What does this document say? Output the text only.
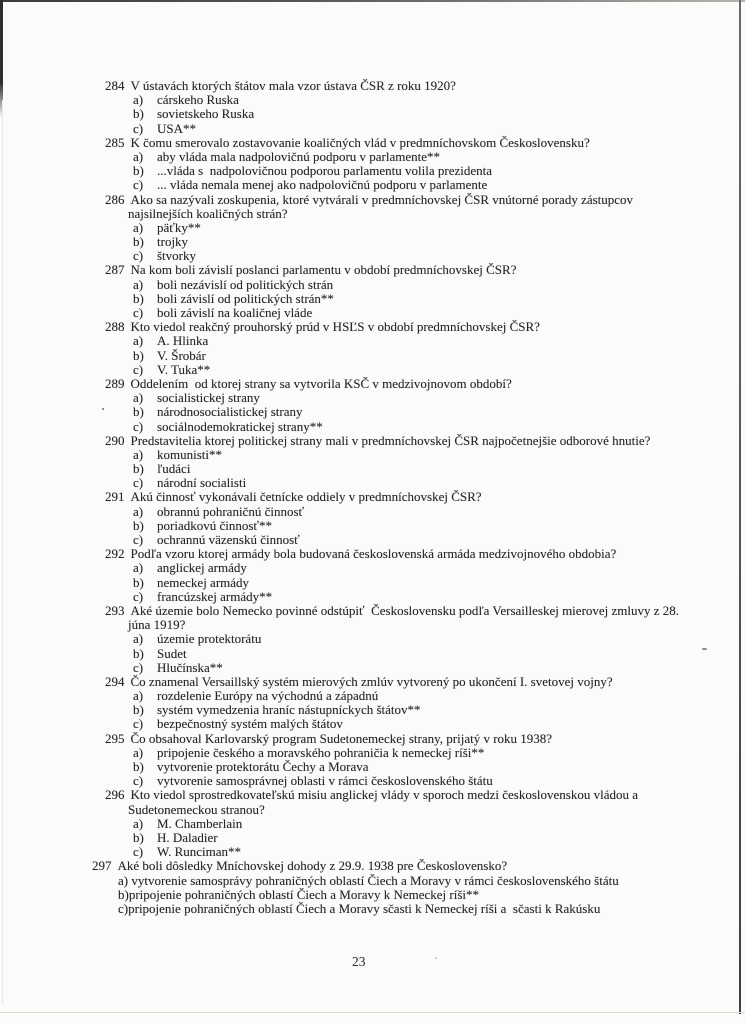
284 V ústavách ktorých štátov mala vzor ústava ČSR z roku 1920?
a) cárskeho Ruska
b) sovietskeho Ruska
c) USA**
285 K čomu smerovalo zostavovanie koaličných vlád v predmníchovskom Československu?
a) aby vláda mala nadpolovičnú podporu v parlamente**
b) ...vláda s  nadpolovičnou podporou parlamentu volila prezidenta
c) ... vláda nemala menej ako nadpolovičnú podporu v parlamente
286 Ako sa nazývali zoskupenia, ktoré vytvárali v predmníchovskej ČSR vnútorné porady zástupcov
najsilnejších koaličných strán?
a) päťky**
b) trojky
c) štvorky
287 Na kom boli závislí poslanci parlamentu v období predmníchovskej ČSR?
a) boli nezávislí od politických strán
b) boli závislí od politických strán**
c) boli závislí na koaličnej vláde
288 Kto viedol reakčný prouhorský prúd v HSĽS v období predmníchovskej ČSR?
a) A. Hlinka
b) V. Šrobár
c) V. Tuka**
289 Oddelením  od ktorej strany sa vytvorila KSČ v medzivojnovom období?
a) socialistickej strany
b) národnosocialistickej strany
c) sociálnodemokratickej strany**
290 Predstavitelia ktorej politickej strany mali v predmníchovskej ČSR najpočetnejšie odborové hnutie?
a) komunisti**
b) ľudáci
c) národní socialisti
291 Akú činnosť vykonávali četnícke oddiely v predmníchovskej ČSR?
a) obrannú pohraničnú činnosť
b) poriadkovú činnosť**
c) ochrannú väzenskú činnosť
292 Podľa vzoru ktorej armády bola budovaná československá armáda medzivojnového obdobia?
a) anglickej armády
b) nemeckej armády
c) francúzskej armády**
293 Aké územie bolo Nemecko povinné odstúpiť  Československu podľa Versailleskej mierovej zmluvy z 28.
júna 1919?
a) územie protektorátu
b) Sudet
c) Hlučínska**
294 Čo znamenal Versaillský systém mierových zmlúv vytvorený po ukončení I. svetovej vojny?
a) rozdelenie Európy na východnú a západnú
b) systém vymedzenia hraníc nástupníckych štátov**
c) bezpečnostný systém malých štátov
295 Čo obsahoval Karlovarský program Sudetonemeckej strany, prijatý v roku 1938?
a) pripojenie českého a moravského pohraničia k nemeckej ríši**
b) vytvorenie protektorátu Čechy a Morava
c) vytvorenie samosprávnej oblasti v rámci československého štátu
296 Kto viedol sprostredkovateľskú misiu anglickej vlády v sporoch medzi československou vládou a
Sudetonemeckou stranou?
a) M. Chamberlain
b) H. Daladier
c) W. Runciman**
297 Aké boli dôsledky Mníchovskej dohody z 29.9. 1938 pre Československo?
a) vytvorenie samosprávy pohraničných oblastí Čiech a Moravy v rámci československého štátu
b)pripojenie pohraničných oblastí Čiech a Moravy k Nemeckej ríši**
c)pripojenie pohraničných oblastí Čiech a Moravy sčasti k Nemeckej ríši a  sčasti k Rakúsku
23
